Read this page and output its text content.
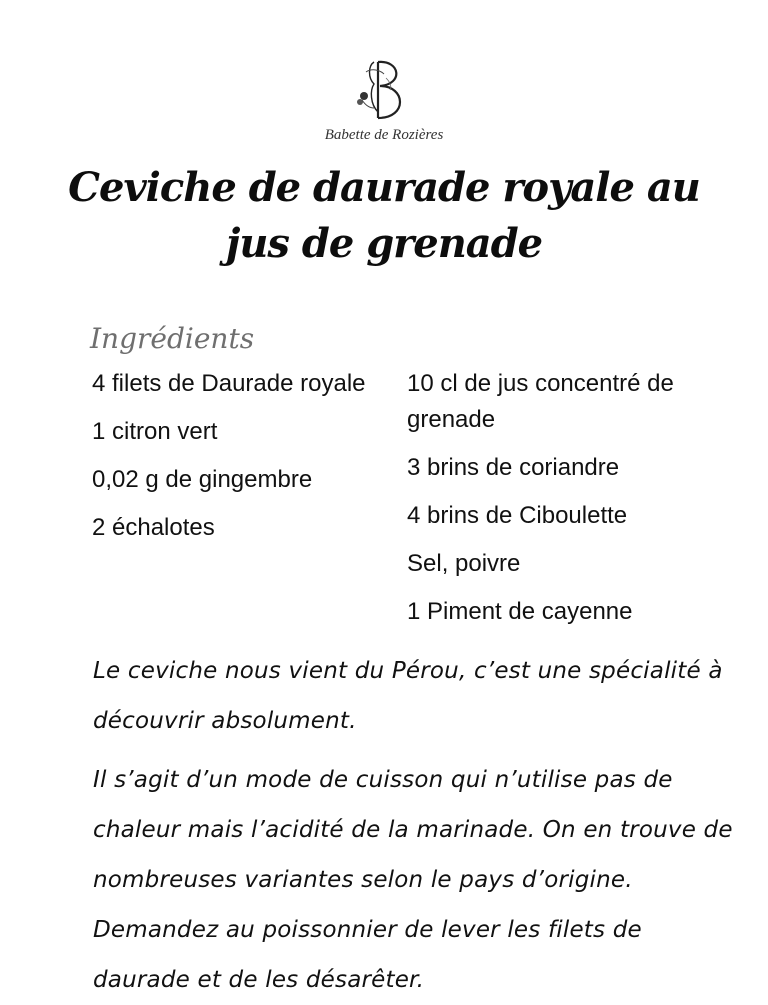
Babette de Rozières
Ceviche de daurade royale au jus de grenade
Ingrédients
4 filets de Daurade royale
1 citron vert
0,02 g de gingembre
2 échalotes
10 cl de jus concentré de grenade
3 brins de coriandre
4 brins de Ciboulette
Sel, poivre
1 Piment de cayenne
Le ceviche nous vient du Pérou, c’est une spécialité à découvrir absolument.
Il s’agit d’un mode de cuisson qui n’utilise pas de chaleur mais l’acidité de la marinade. On en trouve de nombreuses variantes selon le pays d’origine. Demandez au poissonnier de lever les filets de daurade et de les désarêter.
